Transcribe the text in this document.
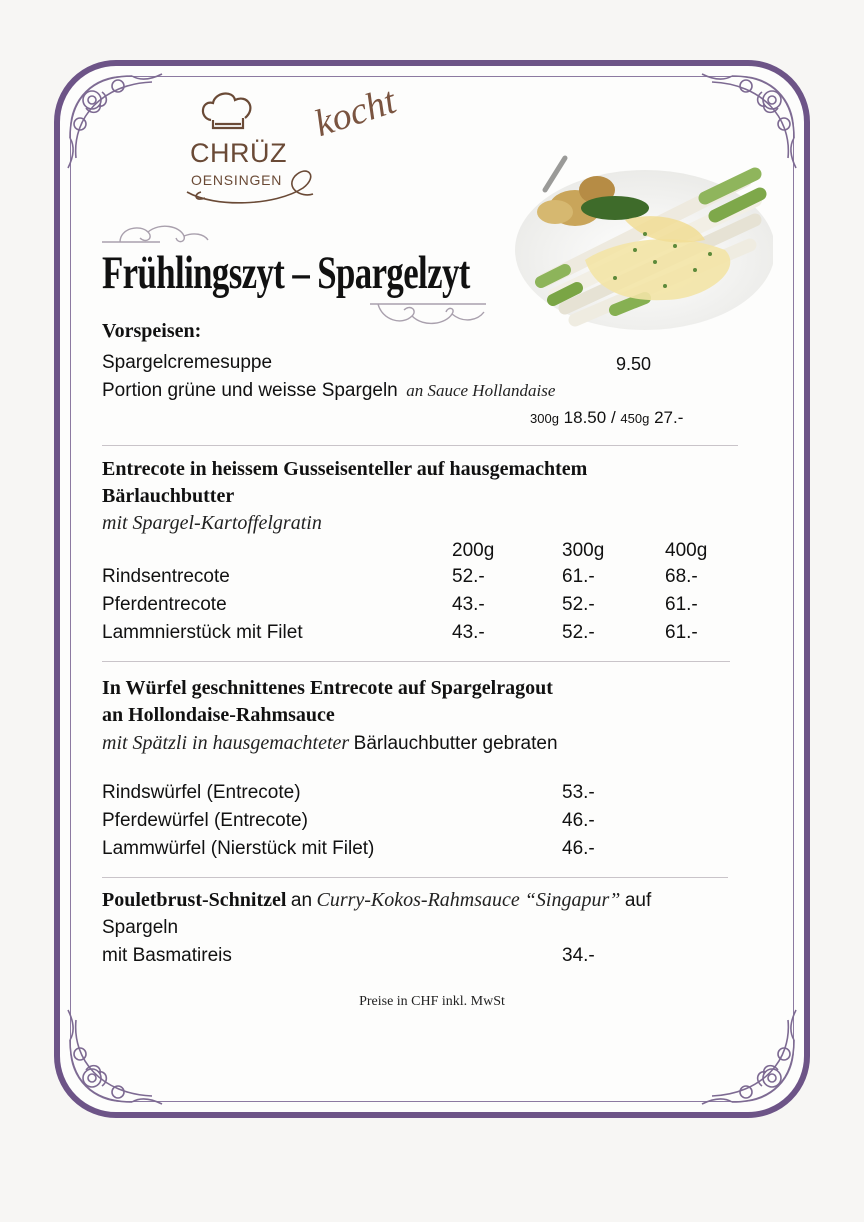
CHRÜZ
OENSINGEN
kocht
Frühlingszyt – Spargelzyt
Vorspeisen:
Spargelcremesuppe	9.50
Portion grüne und weisse Spargeln an Sauce Hollandaise
300g 18.50 / 450g 27.-
Entrecote in heissem Gusseisenteller auf hausgemachtem
Bärlauchbutter
mit Spargel-Kartoffelgratin
200g	300g	400g
Rindsentrecote	52.-	61.-	68.-
Pferdentrecote	43.-	52.-	61.-
Lammnierstück mit Filet	43.-	52.-	61.-
In Würfel geschnittenes Entrecote auf Spargelragout
an Hollondaise-Rahmsauce
mit Spätzli in hausgemachteter Bärlauchbutter gebraten
Rindswürfel (Entrecote)	53.-
Pferdewürfel (Entrecote)	46.-
Lammwürfel (Nierstück mit Filet)	46.-
Pouletbrust-Schnitzel an Curry-Kokos-Rahmsauce “Singapur” auf
Spargeln
mit Basmatireis	34.-
Preise in CHF inkl. MwSt
